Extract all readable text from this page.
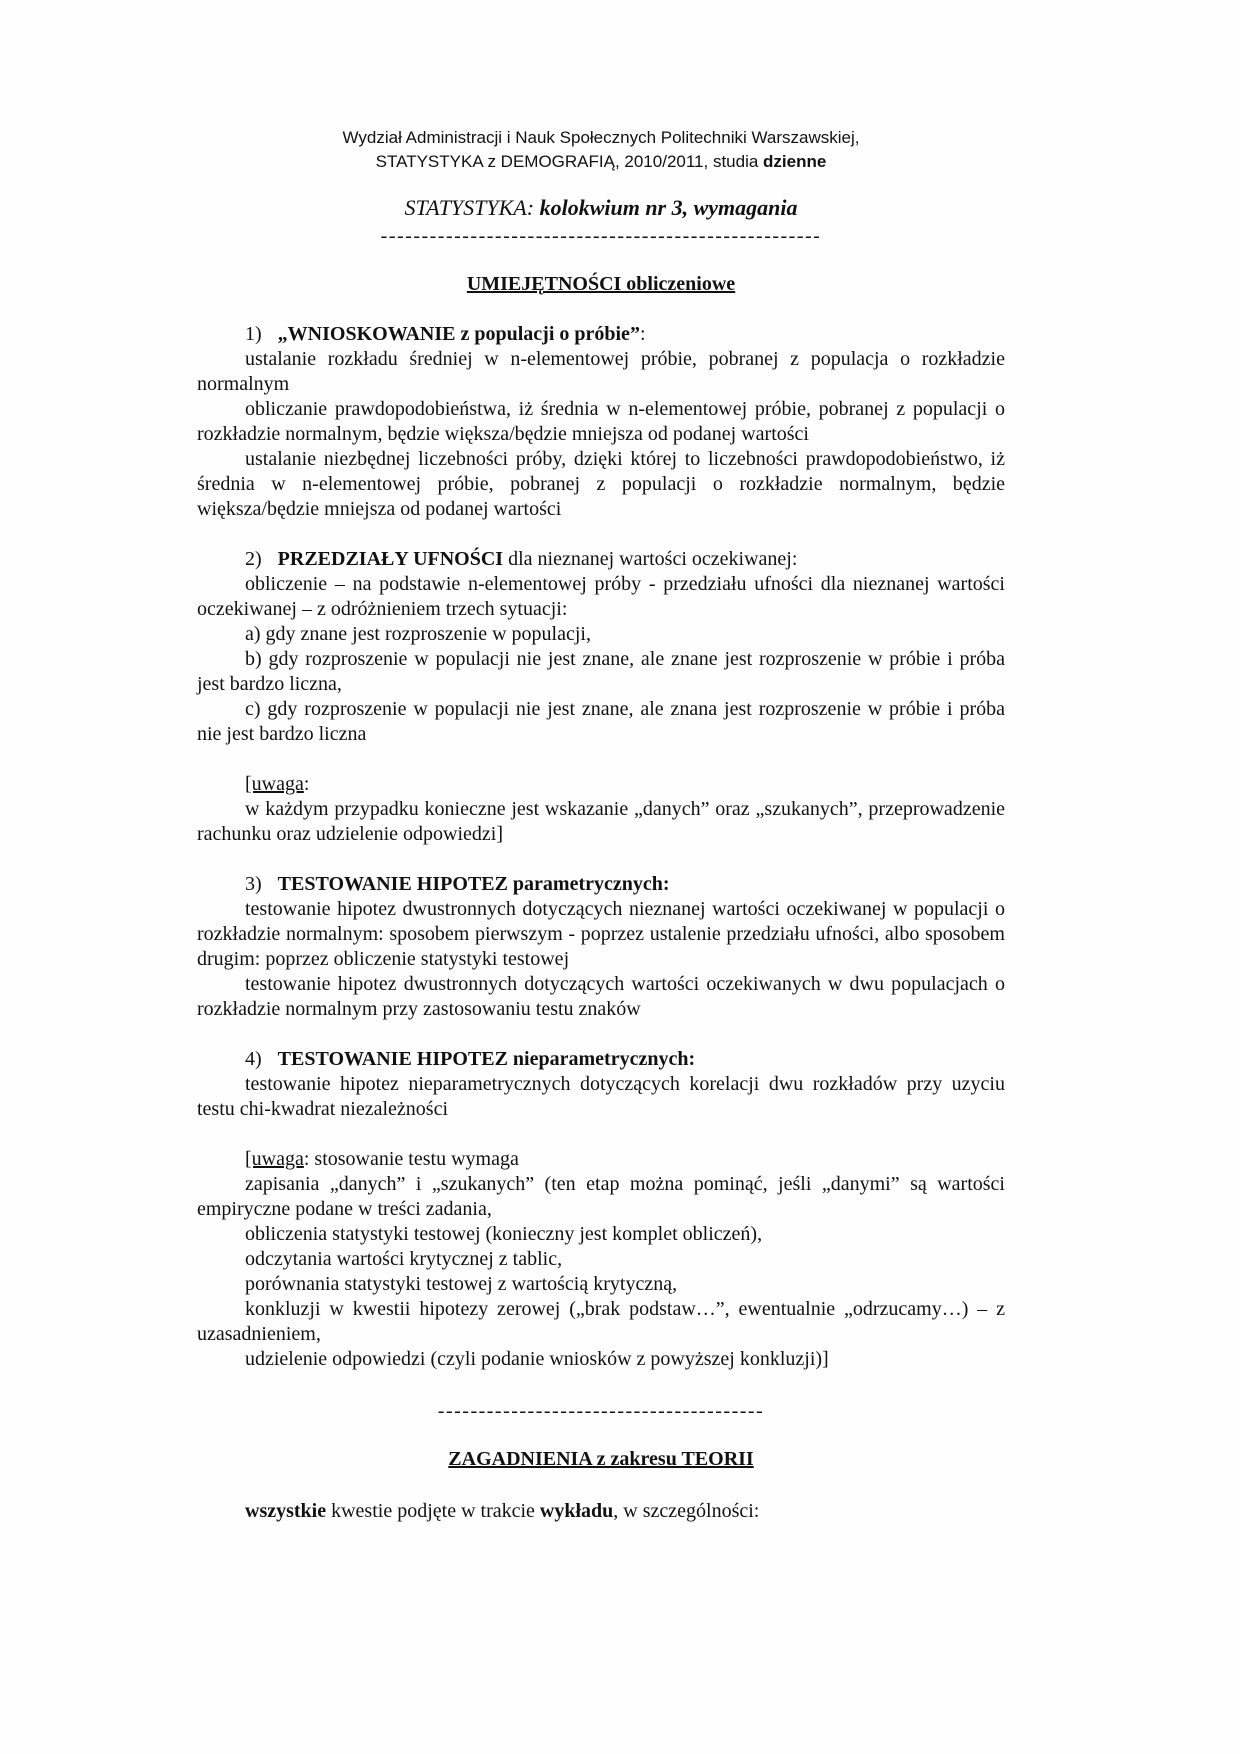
Wydział Administracji i Nauk Społecznych Politechniki Warszawskiej,
STATYSTYKA z DEMOGRAFIĄ, 2010/2011, studia dzienne
STATYSTYKA: kolokwium nr 3, wymagania
------------------------------------------------------
UMIEJĘTNOŚCI obliczeniowe

1) „WNIOSKOWANIE z populacji o próbie”:

ustalanie rozkładu średniej w n-elementowej próbie, pobranej z populacja o rozkładzie normalnym

obliczanie prawdopodobieństwa, iż średnia w n-elementowej próbie, pobranej z populacji o rozkładzie normalnym, będzie większa/będzie mniejsza od podanej wartości

ustalanie niezbędnej liczebności próby, dzięki której to liczebności prawdopodobieństwo, iż średnia w n-elementowej próbie, pobranej z populacji o rozkładzie normalnym, będzie większa/będzie mniejsza od podanej wartości

2) PRZEDZIAŁY UFNOŚCI dla nieznanej wartości oczekiwanej:

obliczenie – na podstawie n-elementowej próby - przedziału ufności dla nieznanej wartości oczekiwanej – z odróżnieniem trzech sytuacji:

a) gdy znane jest rozproszenie w populacji,

b) gdy rozproszenie w populacji nie jest znane, ale znane jest rozproszenie w próbie i próba jest bardzo liczna,

c) gdy rozproszenie w populacji nie jest znane, ale znana jest rozproszenie w próbie i próba nie jest bardzo liczna

[uwaga:

w każdym przypadku konieczne jest wskazanie „danych” oraz „szukanych”, przeprowadzenie rachunku oraz udzielenie odpowiedzi]

3) TESTOWANIE HIPOTEZ parametrycznych:

testowanie hipotez dwustronnych dotyczących nieznanej wartości oczekiwanej w populacji o rozkładzie normalnym: sposobem pierwszym - poprzez ustalenie przedziału ufności, albo sposobem drugim: poprzez obliczenie statystyki testowej

testowanie hipotez dwustronnych dotyczących wartości oczekiwanych w dwu populacjach o rozkładzie normalnym przy zastosowaniu testu znaków

4) TESTOWANIE HIPOTEZ nieparametrycznych:

testowanie hipotez nieparametrycznych dotyczących korelacji dwu rozkładów przy uzyciu testu chi-kwadrat niezależności

[uwaga: stosowanie testu wymaga

zapisania „danych” i „szukanych” (ten etap można pominąć, jeśli „danymi” są wartości empiryczne podane w treści zadania,

obliczenia statystyki testowej (konieczny jest komplet obliczeń),

odczytania wartości krytycznej z tablic,

porównania statystyki testowej z wartością krytyczną,

konkluzji w kwestii hipotezy zerowej („brak podstaw…”, ewentualnie „odrzucamy…) – z uzasadnieniem,

udzielenie odpowiedzi (czyli podanie wniosków z powyższej konkluzji)]

----------------------------------------
ZAGADNIENIA z zakresu TEORII

wszystkie kwestie podjęte w trakcie wykładu, w szczególności:
